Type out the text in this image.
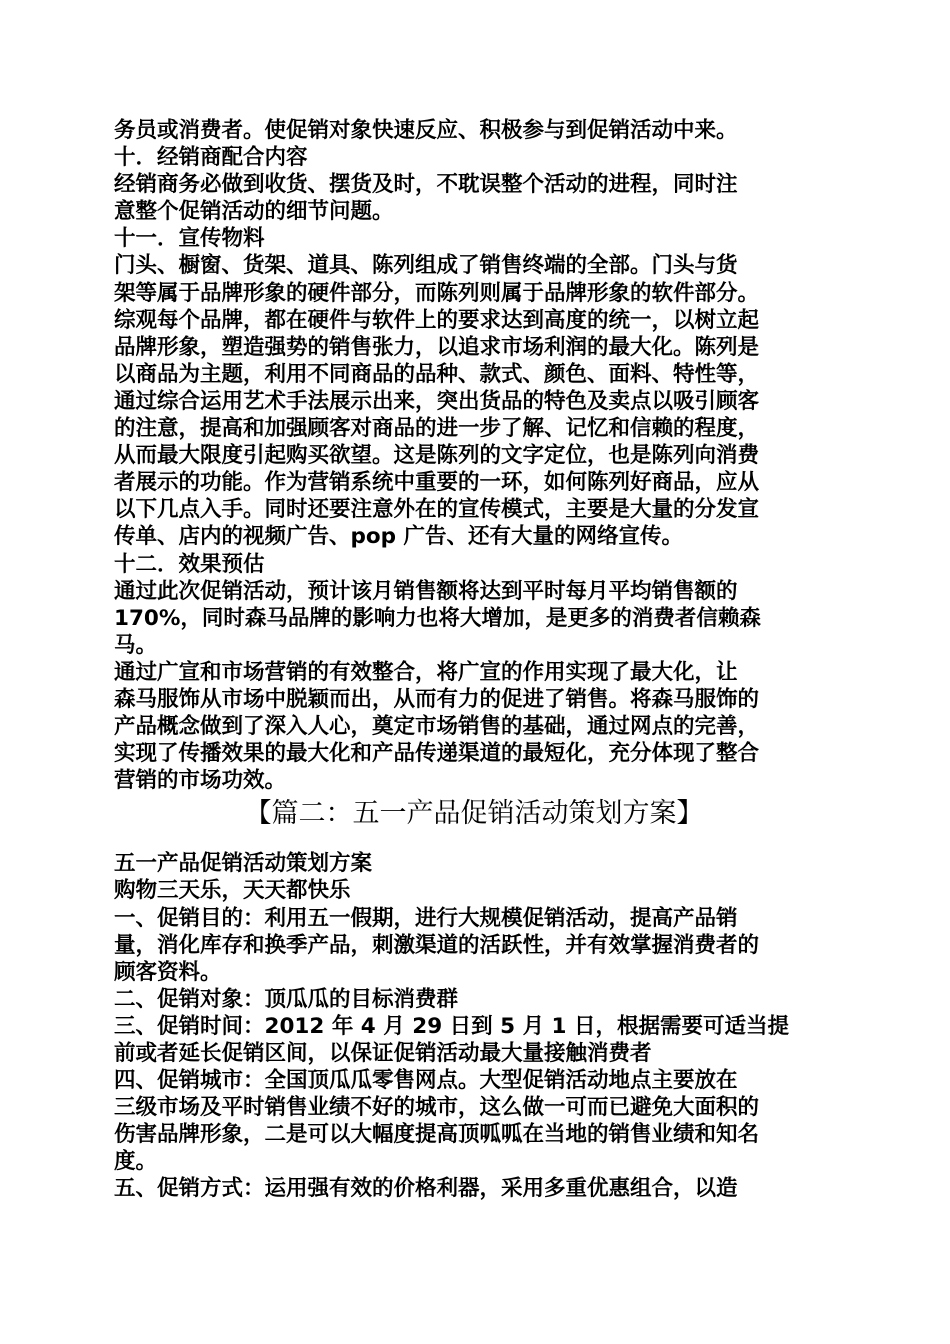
务员或消费者。使促销对象快速反应、积极参与到促销活动中来。
十．经销商配合内容
经销商务必做到收货、摆货及时，不耽误整个活动的进程，同时注
意整个促销活动的细节问题。
十一．宣传物料
门头、橱窗、货架、道具、陈列组成了销售终端的全部。门头与货
架等属于品牌形象的硬件部分，而陈列则属于品牌形象的软件部分。
综观每个品牌，都在硬件与软件上的要求达到高度的统一，以树立起
品牌形象，塑造强势的销售张力，以追求市场利润的最大化。陈列是
以商品为主题，利用不同商品的品种、款式、颜色、面料、特性等，
通过综合运用艺术手法展示出来，突出货品的特色及卖点以吸引顾客
的注意，提高和加强顾客对商品的进一步了解、记忆和信赖的程度，
从而最大限度引起购买欲望。这是陈列的文字定位，也是陈列向消费
者展示的功能。作为营销系统中重要的一环，如何陈列好商品，应从
以下几点入手。同时还要注意外在的宣传模式，主要是大量的分发宣
传单、店内的视频广告、pop 广告、还有大量的网络宣传。
十二．效果预估
通过此次促销活动，预计该月销售额将达到平时每月平均销售额的
170%，同时森马品牌的影响力也将大增加，是更多的消费者信赖森
马。
通过广宣和市场营销的有效整合，将广宣的作用实现了最大化，让
森马服饰从市场中脱颖而出，从而有力的促进了销售。将森马服饰的
产品概念做到了深入人心，奠定市场销售的基础，通过网点的完善，
实现了传播效果的最大化和产品传递渠道的最短化，充分体现了整合
营销的市场功效。
【篇二：五一产品促销活动策划方案】
五一产品促销活动策划方案
购物三天乐，天天都快乐
一、促销目的：利用五一假期，进行大规模促销活动，提高产品销
量，消化库存和换季产品，刺激渠道的活跃性，并有效掌握消费者的
顾客资料。
二、促销对象：顶瓜瓜的目标消费群
三、促销时间：2012 年 4 月 29 日到 5 月 1 日，根据需要可适当提
前或者延长促销区间，以保证促销活动最大量接触消费者
四、促销城市：全国顶瓜瓜零售网点。大型促销活动地点主要放在
三级市场及平时销售业绩不好的城市，这么做一可而已避免大面积的
伤害品牌形象，二是可以大幅度提高顶呱呱在当地的销售业绩和知名
度。
五、促销方式：运用强有效的价格利器，采用多重优惠组合，以造
